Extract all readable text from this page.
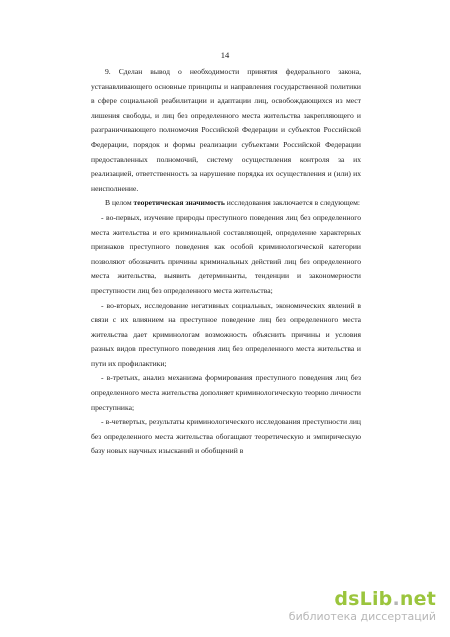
14

9. Сделан вывод о необходимости принятия федерального закона, устанавливающего основные принципы и направления государственной политики в сфере социальной реабилитации и адаптации лиц, освобождающихся из мест лишения свободы, и лиц без определенного места жительства закрепляющего и разграничивающего полномочия Российской Федерации и субъектов Российской Федерации, порядок и формы реализации субъектами Российской Федерации предоставленных полномочий, систему осуществления контроля за их реализацией, ответственность за нарушение порядка их осуществления и (или) их неисполнение.

В целом теоретическая значимость исследования заключается в следующем:

- во-первых, изучение природы преступного поведения лиц без определенного места жительства и его криминальной составляющей, определение характерных признаков преступного поведения как особой криминологической категории позволяют обозначить причины криминальных действий лиц без определенного места жительства, выявить детерминанты, тенденции и закономерности преступности лиц без определенного места жительства;

- во-вторых, исследование негативных социальных, экономических явлений в связи с их влиянием на преступное поведение лиц без определенного места жительства дает криминологам возможность объяснить причины и условия разных видов преступного поведения лиц без определенного места жительства и пути их профилактики;

- в-третьих, анализ механизма формирования преступного поведения лиц без определенного места жительства дополняет криминологическую теорию личности преступника;

- в-четвертых, результаты криминологического исследования преступности лиц без определенного места жительства обогащают теоретическую и эмпирическую базу новых научных изысканий и обобщений в

dsLib.net
библиотека диссертаций
